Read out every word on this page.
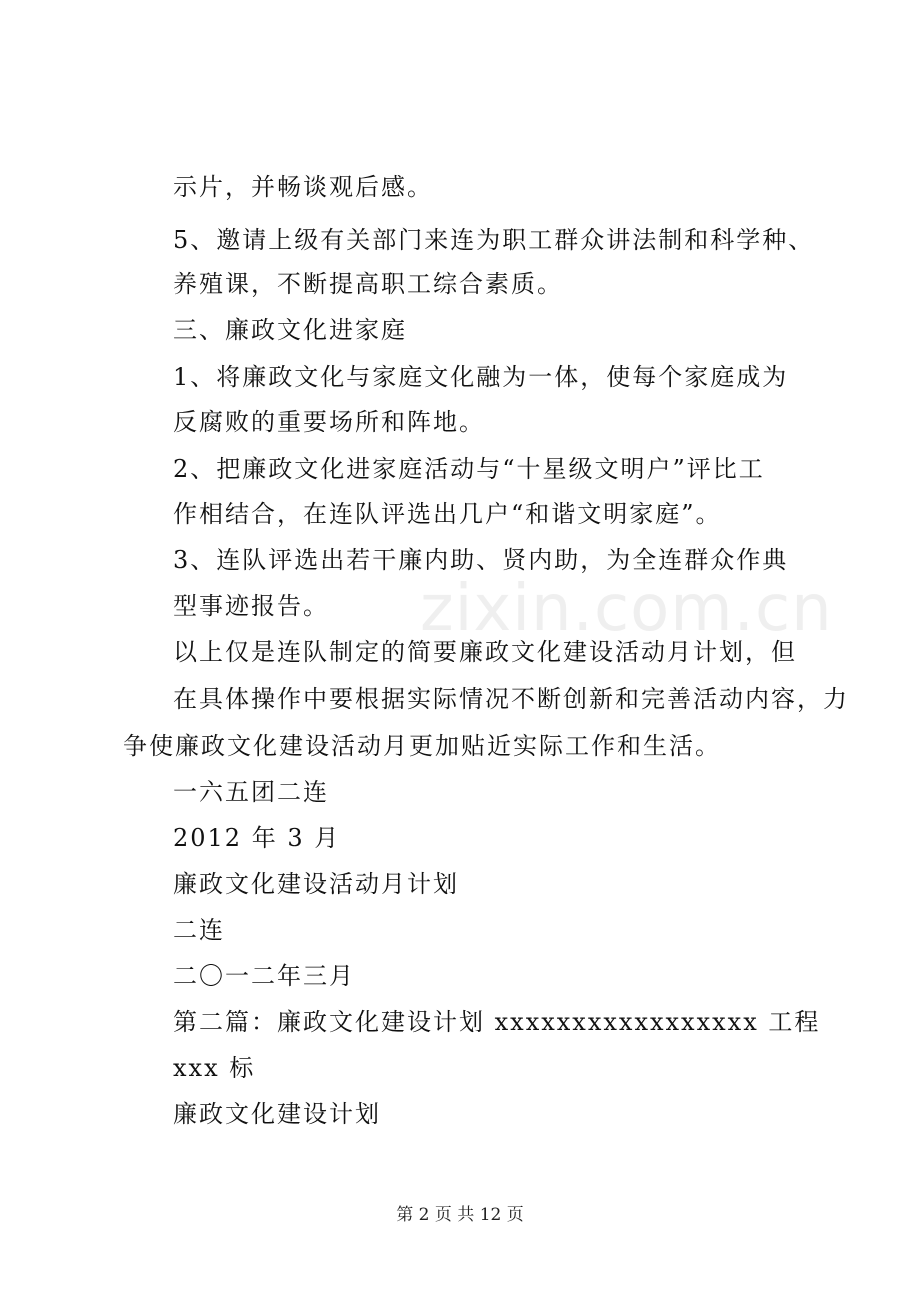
示片，并畅谈观后感。
5、邀请上级有关部门来连为职工群众讲法制和科学种、
养殖课，不断提高职工综合素质。
三、廉政文化进家庭
1、将廉政文化与家庭文化融为一体，使每个家庭成为
反腐败的重要场所和阵地。
2、把廉政文化进家庭活动与“十星级文明户”评比工
作相结合，在连队评选出几户“和谐文明家庭”。
3、连队评选出若干廉内助、贤内助，为全连群众作典
型事迹报告。
以上仅是连队制定的简要廉政文化建设活动月计划，但
在具体操作中要根据实际情况不断创新和完善活动内容，力
争使廉政文化建设活动月更加贴近实际工作和生活。
一六五团二连
2012 年 3 月
廉政文化建设活动月计划
二连
二〇一二年三月
第二篇：廉政文化建设计划 xxxxxxxxxxxxxxxxx 工程
xxx 标
廉政文化建设计划
zixin.com.cn
第 2 页 共 12 页
